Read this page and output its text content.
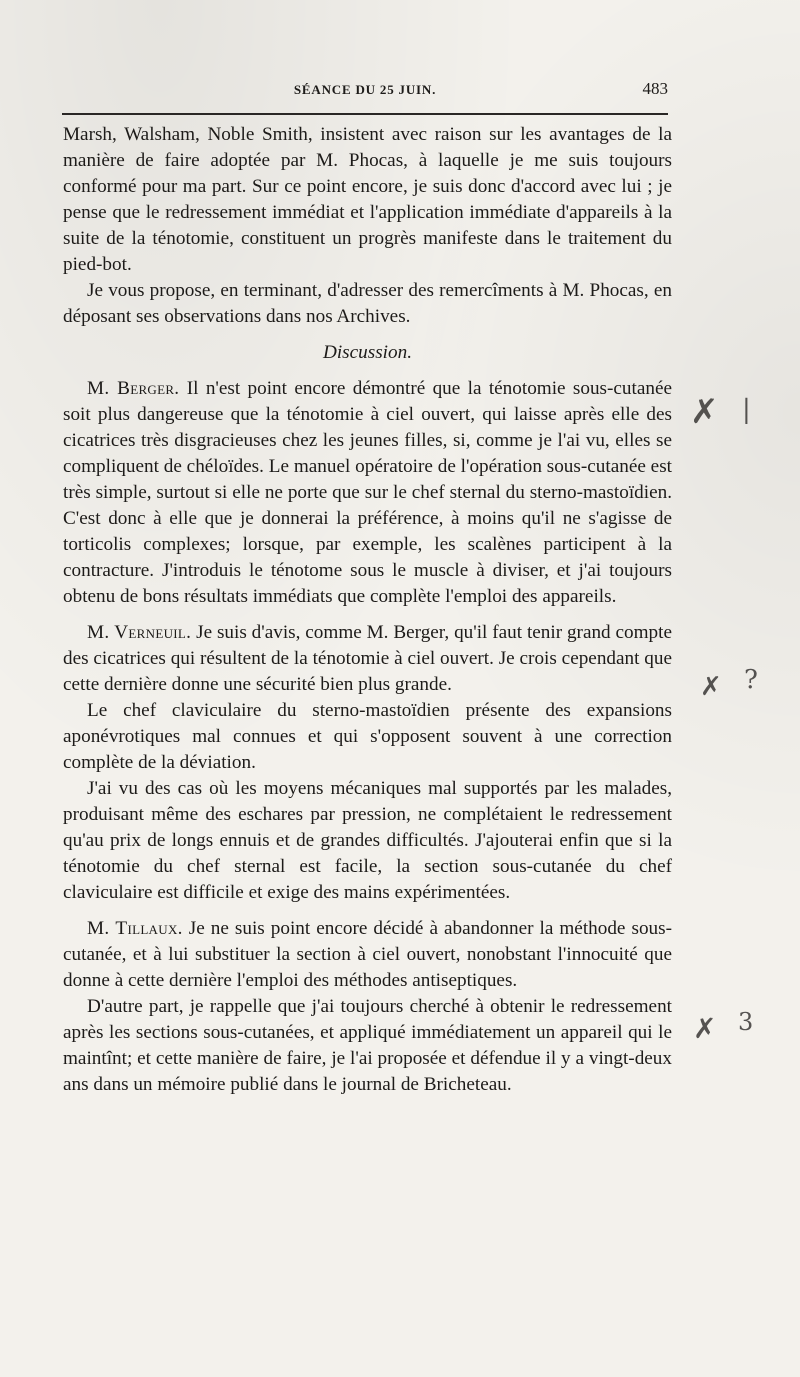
SÉANCE DU 25 JUIN.	483

Marsh, Walsham, Noble Smith, insistent avec raison sur les avantages de la manière de faire adoptée par M. Phocas, à laquelle je me suis toujours conformé pour ma part. Sur ce point encore, je suis donc d'accord avec lui ; je pense que le redressement immédiat et l'application immédiate d'appareils à la suite de la ténotomie, constituent un progrès manifeste dans le traitement du pied-bot.

Je vous propose, en terminant, d'adresser des remercîments à M. Phocas, en déposant ses observations dans nos Archives.

Discussion.

M. Berger. Il n'est point encore démontré que la ténotomie sous-cutanée soit plus dangereuse que la ténotomie à ciel ouvert, qui laisse après elle des cicatrices très disgracieuses chez les jeunes filles, si, comme je l'ai vu, elles se compliquent de chéloïdes. Le manuel opératoire de l'opération sous-cutanée est très simple, surtout si elle ne porte que sur le chef sternal du sterno-mastoïdien. C'est donc à elle que je donnerai la préférence, à moins qu'il ne s'agisse de torticolis complexes; lorsque, par exemple, les scalènes participent à la contracture. J'introduis le ténotome sous le muscle à diviser, et j'ai toujours obtenu de bons résultats immédiats que complète l'emploi des appareils.

M. Verneuil. Je suis d'avis, comme M. Berger, qu'il faut tenir grand compte des cicatrices qui résultent de la ténotomie à ciel ouvert. Je crois cependant que cette dernière donne une sécurité bien plus grande.

Le chef claviculaire du sterno-mastoïdien présente des expansions aponévrotiques mal connues et qui s'opposent souvent à une correction complète de la déviation.

J'ai vu des cas où les moyens mécaniques mal supportés par les malades, produisant même des eschares par pression, ne complétaient le redressement qu'au prix de longs ennuis et de grandes difficultés. J'ajouterai enfin que si la ténotomie du chef sternal est facile, la section sous-cutanée du chef claviculaire est difficile et exige des mains expérimentées.

M. Tillaux. Je ne suis point encore décidé à abandonner la méthode sous-cutanée, et à lui substituer la section à ciel ouvert, nonobstant l'innocuité que donne à cette dernière l'emploi des méthodes antiseptiques.

D'autre part, je rappelle que j'ai toujours cherché à obtenir le redressement après les sections sous-cutanées, et appliqué immédiatement un appareil qui le maintînt; et cette manière de faire, je l'ai proposée et défendue il y a vingt-deux ans dans un mémoire publié dans le journal de Bricheteau.

✗ |
✗ ?
✗ 3
